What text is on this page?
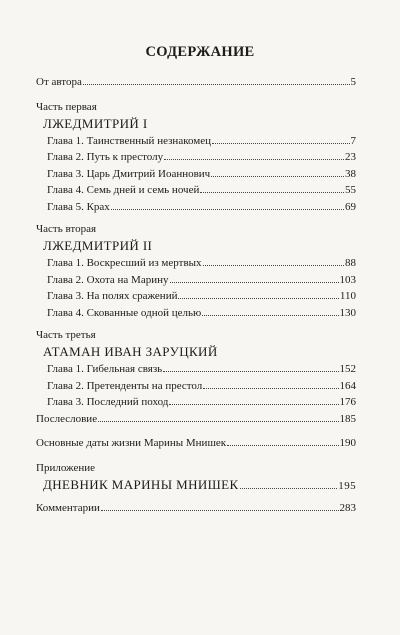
СОДЕРЖАНИЕ
От автора	5
Часть первая
ЛЖЕДМИТРИЙ I
Глава 1. Таинственный незнакомец	7
Глава 2. Путь к престолу	23
Глава 3. Царь Дмитрий Иоаннович	38
Глава 4. Семь дней и семь ночей	55
Глава 5. Крах	69
Часть вторая
ЛЖЕДМИТРИЙ II
Глава 1. Воскресший из мертвых	88
Глава 2. Охота на Марину	103
Глава 3. На полях сражений	110
Глава 4. Скованные одной целью	130
Часть третья
АТАМАН ИВАН ЗАРУЦКИЙ
Глава 1. Гибельная связь	152
Глава 2. Претенденты на престол	164
Глава 3. Последний поход	176
Послесловие	185
Основные даты жизни Марины Мнишек	190
Приложение
ДНЕВНИК МАРИНЫ МНИШЕК	195
Комментарии	283
